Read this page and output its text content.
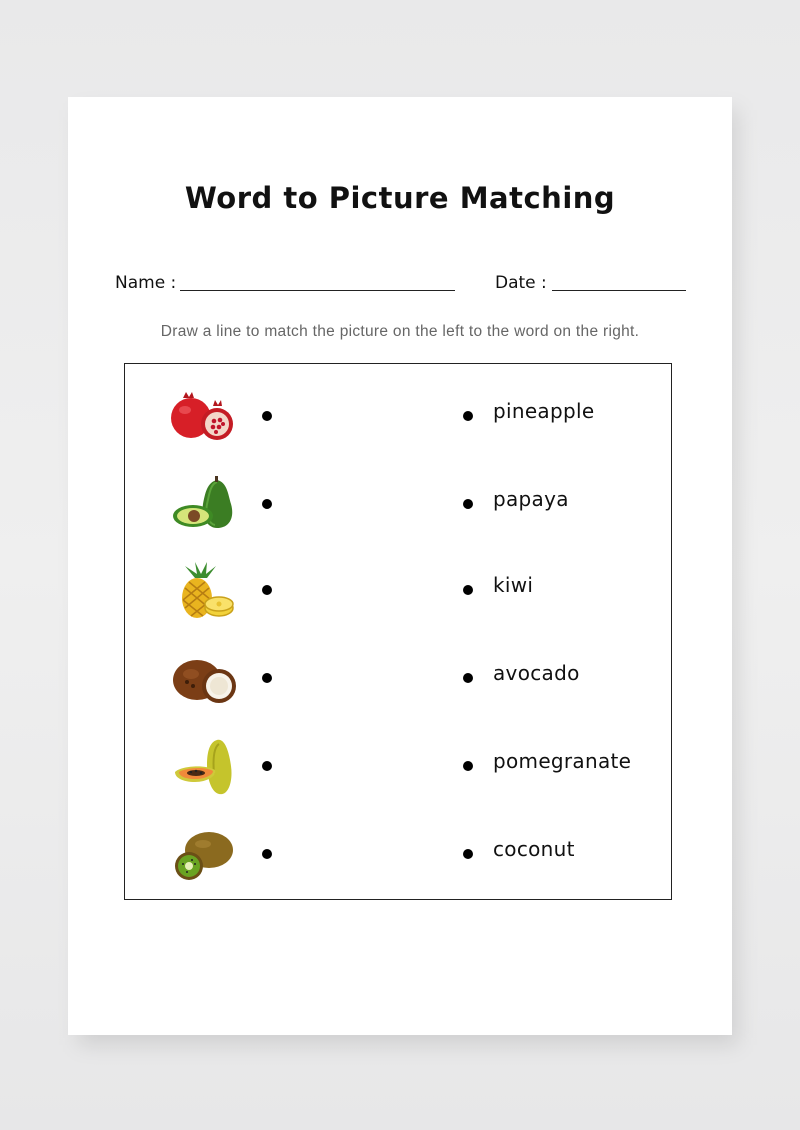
Word to Picture Matching
Name :	Date :
Draw a line to match the picture on the left to the word on the right.
pineapple
papaya
kiwi
avocado
pomegranate
coconut
